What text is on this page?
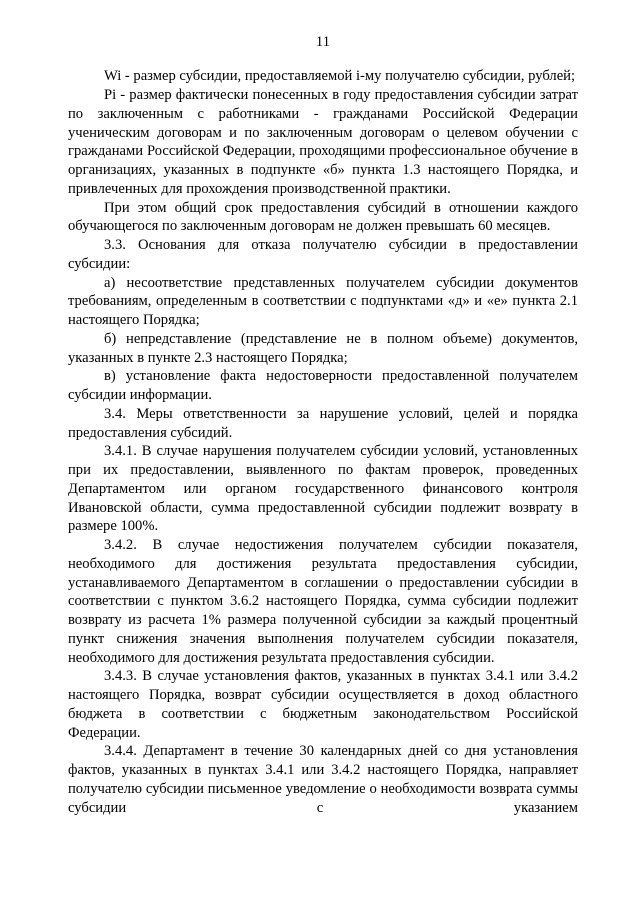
11

Wi - размер субсидии, предоставляемой i-му получателю субсидии, рублей;

Pi - размер фактически понесенных в году предоставления субсидии затрат по заключенным с работниками - гражданами Российской Федерации ученическим договорам и по заключенным договорам о целевом обучении с гражданами Российской Федерации, проходящими профессиональное обучение в организациях, указанных в подпункте «б» пункта 1.3 настоящего Порядка, и привлеченных для прохождения производственной практики.

При этом общий срок предоставления субсидий в отношении каждого обучающегося по заключенным договорам не должен превышать 60 месяцев.

3.3. Основания для отказа получателю субсидии в предоставлении субсидии:

а) несоответствие представленных получателем субсидии документов требованиям, определенным в соответствии с подпунктами «д» и «е» пункта 2.1 настоящего Порядка;

б) непредставление (представление не в полном объеме) документов, указанных в пункте 2.3 настоящего Порядка;

в) установление факта недостоверности предоставленной получателем субсидии информации.

3.4. Меры ответственности за нарушение условий, целей и порядка предоставления субсидий.

3.4.1. В случае нарушения получателем субсидии условий, установленных при их предоставлении, выявленного по фактам проверок, проведенных Департаментом или органом государственного финансового контроля Ивановской области, сумма предоставленной субсидии подлежит возврату в размере 100%.

3.4.2. В случае недостижения получателем субсидии показателя, необходимого для достижения результата предоставления субсидии, устанавливаемого Департаментом в соглашении о предоставлении субсидии в соответствии с пунктом 3.6.2 настоящего Порядка, сумма субсидии подлежит возврату из расчета 1% размера полученной субсидии за каждый процентный пункт снижения значения выполнения получателем субсидии показателя, необходимого для достижения результата предоставления субсидии.

3.4.3. В случае установления фактов, указанных в пунктах 3.4.1 или 3.4.2 настоящего Порядка, возврат субсидии осуществляется в доход областного бюджета в соответствии с бюджетным законодательством Российской Федерации.

3.4.4. Департамент в течение 30 календарных дней со дня установления фактов, указанных в пунктах 3.4.1 или 3.4.2 настоящего Порядка, направляет получателю субсидии письменное уведомление о необходимости возврата суммы субсидии с указанием
